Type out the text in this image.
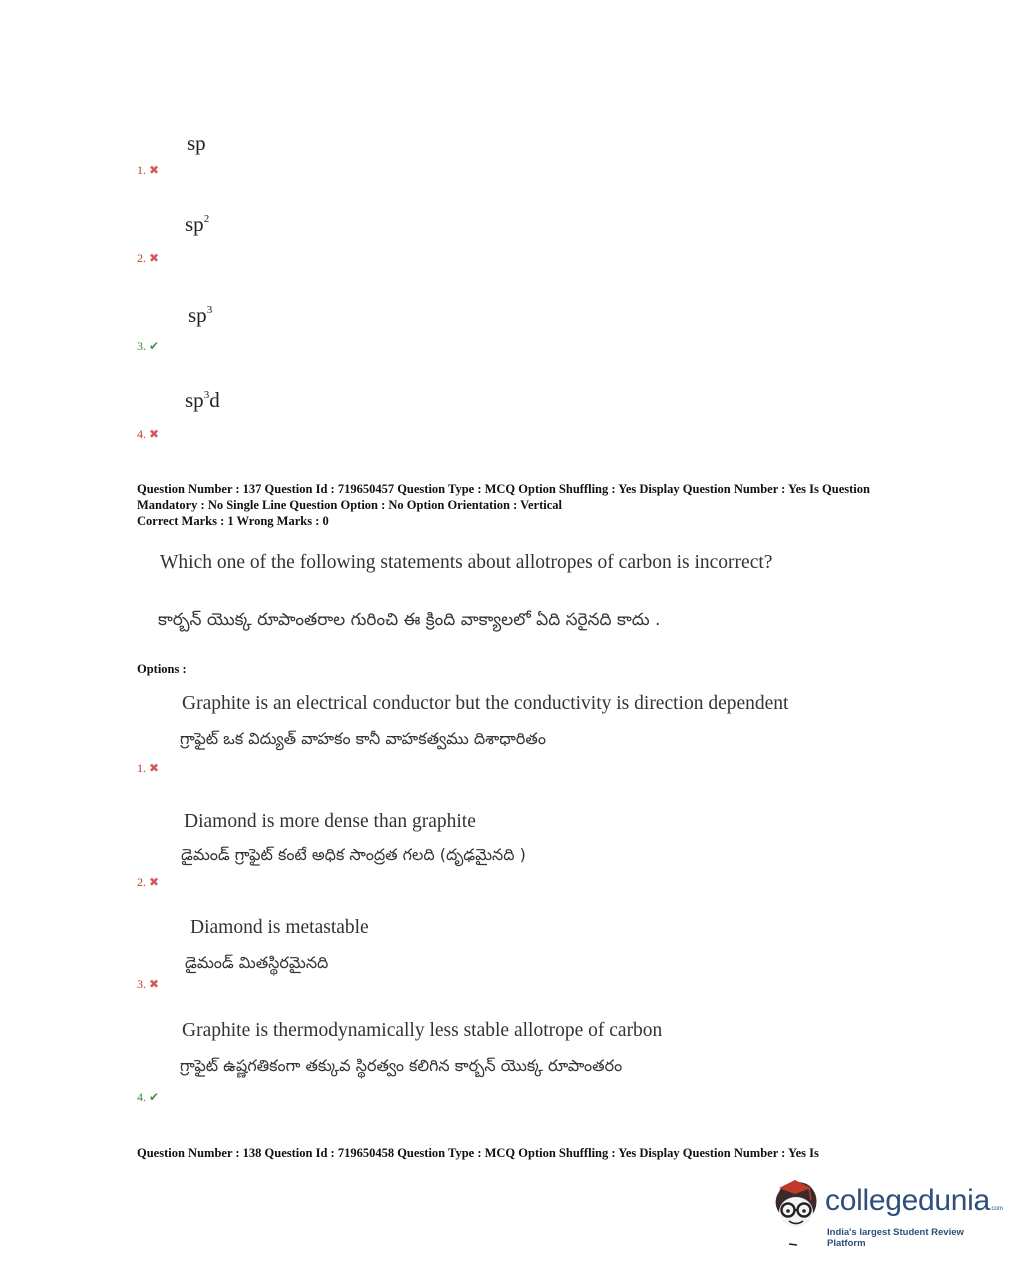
sp
1. ✖
$sp^2$
2. ✖
$sp^3$
3. ✔
$sp^3d$
4. ✖
Question Number : 137 Question Id : 719650457 Question Type : MCQ Option Shuffling : Yes Display Question Number : Yes Is Question Mandatory : No Single Line Question Option : No Option Orientation : Vertical
Correct Marks : 1 Wrong Marks : 0
Which one of the following statements about allotropes of carbon is incorrect?
కార్బన్ యొక్క రూపాంతరాల గురించి ఈ క్రింది వాక్యాలలో ఏది సరైనది కాదు .
Options :
Graphite is an electrical conductor but the conductivity is direction dependent
గ్రాఫైట్ ఒక విద్యుత్ వాహకం కానీ వాహకత్వము దిశాధారితం
1. ✖
Diamond is more dense than graphite
డైమండ్ గ్రాఫైట్ కంటే అధిక సాంద్రత గలది (దృఢమైనది )
2. ✖
Diamond is metastable
డైమండ్ మితస్థిరమైనది
3. ✖
Graphite is thermodynamically less stable allotrope of carbon
గ్రాఫైట్ ఉష్ణగతికంగా తక్కువ స్థిరత్వం కలిగిన కార్బన్ యొక్క రూపాంతరం
4. ✔
Question Number : 138 Question Id : 719650458 Question Type : MCQ Option Shuffling : Yes Display Question Number : Yes Is
collegedunia.com
India's largest Student Review Platform
